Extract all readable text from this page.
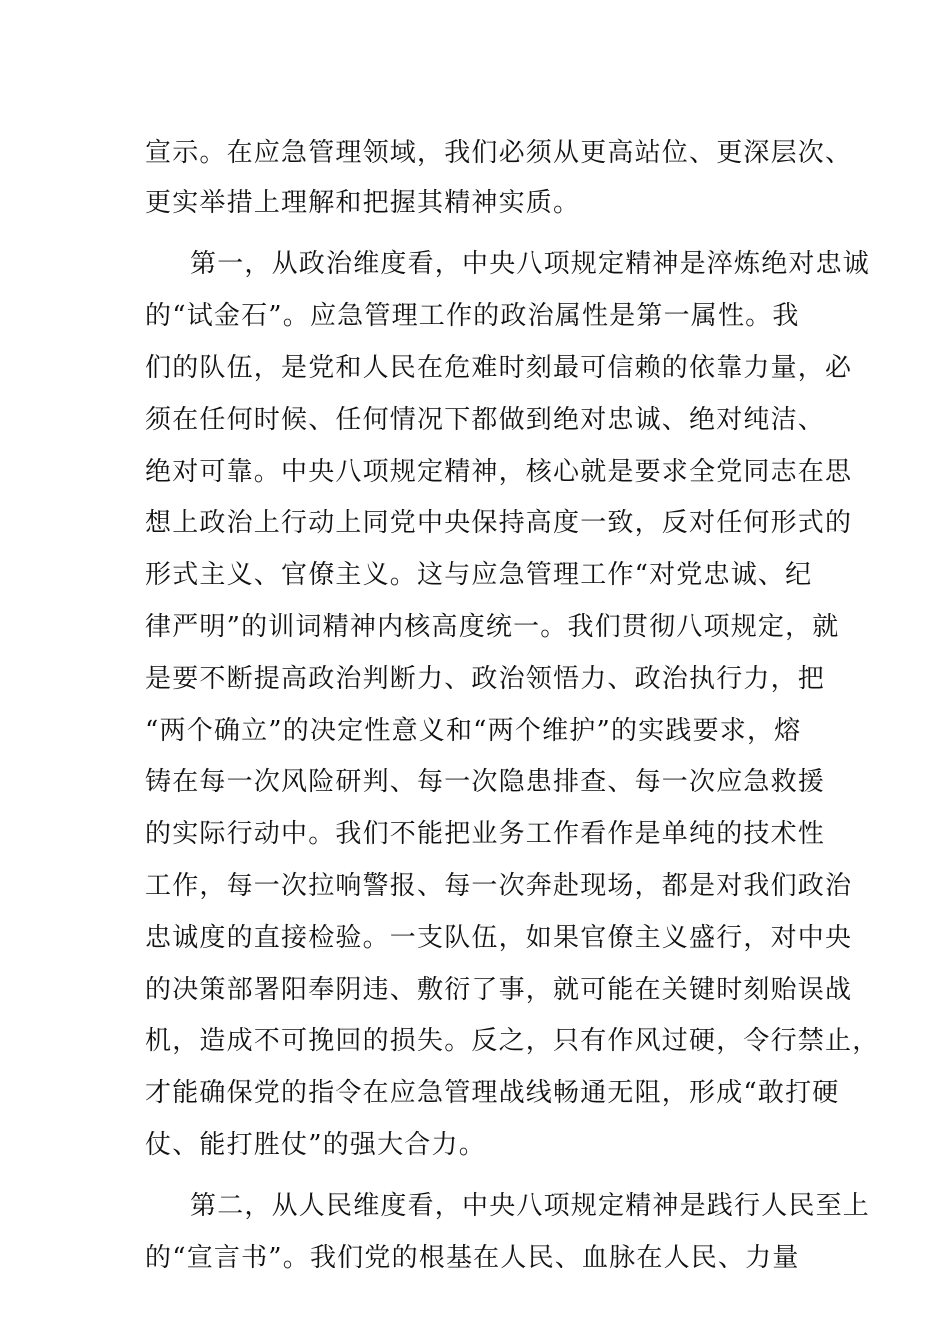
宣示。在应急管理领域，我们必须从更高站位、更深层次、
更实举措上理解和把握其精神实质。
第一，从政治维度看，中央八项规定精神是淬炼绝对忠诚
的“试金石”。应急管理工作的政治属性是第一属性。我
们的队伍，是党和人民在危难时刻最可信赖的依靠力量，必
须在任何时候、任何情况下都做到绝对忠诚、绝对纯洁、
绝对可靠。中央八项规定精神，核心就是要求全党同志在思
想上政治上行动上同党中央保持高度一致，反对任何形式的
形式主义、官僚主义。这与应急管理工作“对党忠诚、纪
律严明”的训词精神内核高度统一。我们贯彻八项规定，就
是要不断提高政治判断力、政治领悟力、政治执行力，把
“两个确立”的决定性意义和“两个维护”的实践要求，熔
铸在每一次风险研判、每一次隐患排查、每一次应急救援
的实际行动中。我们不能把业务工作看作是单纯的技术性
工作，每一次拉响警报、每一次奔赴现场，都是对我们政治
忠诚度的直接检验。一支队伍，如果官僚主义盛行，对中央
的决策部署阳奉阴违、敷衍了事，就可能在关键时刻贻误战
机，造成不可挽回的损失。反之，只有作风过硬，令行禁止，
才能确保党的指令在应急管理战线畅通无阻，形成“敢打硬
仗、能打胜仗”的强大合力。
第二，从人民维度看，中央八项规定精神是践行人民至上
的“宣言书”。我们党的根基在人民、血脉在人民、力量
